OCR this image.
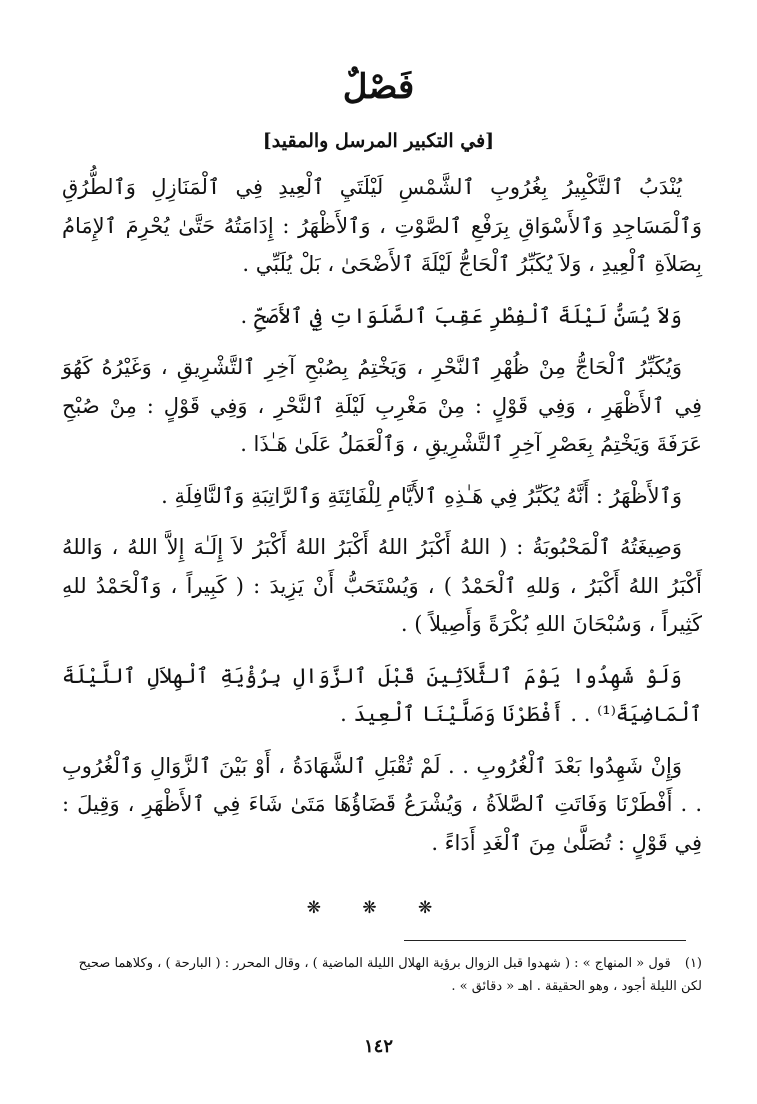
فَصْلٌ
[في التكبير المرسل والمقيد]

يُنْدَبُ ٱلتَّكْبِيرُ بِغُرُوبِ ٱلشَّمْسِ لَيْلَتَيِ ٱلْعِيدِ فِي ٱلْمَنَازِلِ وَٱلطُّرُقِ وَٱلْمَسَاجِدِ وَٱلأَسْوَاقِ بِرَفْعِ ٱلصَّوْتِ ، وَٱلأَظْهَرُ : إِدَامَتُهُ حَتَّىٰ يُحْرِمَ ٱلإِمَامُ بِصَلاَةِ ٱلْعِيدِ ، وَلاَ يُكَبِّرُ ٱلْحَاجُّ لَيْلَةَ ٱلأَضْحَىٰ ، بَلْ يُلَبِّي .

وَلاَ يُسَنُّ لَيْلَةَ ٱلْفِطْرِ عَقِبَ ٱلصَّلَوَاتِ فِي ٱلأَصَحِّ .

وَيُكَبِّرُ ٱلْحَاجُّ مِنْ ظُهْرِ ٱلنَّحْرِ ، وَيَخْتِمُ بِصُبْحِ آخِرِ ٱلتَّشْرِيقِ ، وَغَيْرُهُ كَهُوَ فِي ٱلأَظْهَرِ ، وَفِي قَوْلٍ : مِنْ مَغْرِبِ لَيْلَةِ ٱلنَّحْرِ ، وَفِي قَوْلٍ : مِنْ صُبْحِ عَرَفَةَ وَيَخْتِمُ بِعَصْرِ آخِرِ ٱلتَّشْرِيقِ ، وَٱلْعَمَلُ عَلَىٰ هَـٰذَا .

وَٱلأَظْهَرُ : أَنَّهُ يُكَبِّرُ فِي هَـٰذِهِ ٱلأَيَّامِ لِلْفَائِتَةِ وَٱلرَّاتِبَةِ وَٱلنَّافِلَةِ .

وَصِيغَتُهُ ٱلْمَحْبُوبَةُ : ( اللهُ أَكْبَرُ اللهُ أَكْبَرُ اللهُ أَكْبَرُ لاَ إِلَـٰهَ إِلاَّ اللهُ ، وَاللهُ أَكْبَرُ اللهُ أَكْبَرُ ، وَللهِ ٱلْحَمْدُ ) ، وَيُسْتَحَبُّ أَنْ يَزِيدَ : ( كَبِيراً ، وَٱلْحَمْدُ للهِ كَثِيراً ، وَسُبْحَانَ اللهِ بُكْرَةً وَأَصِيلاً ) .

وَلَوْ شَهِدُوا يَوْمَ ٱلثَّلاَثِينَ قَبْلَ ٱلزَّوَالِ بِرُؤْيَةِ ٱلْهِلاَلِ ٱللَّيْلَةَ ٱلْمَاضِيَةَ⁽¹⁾ . . أَفْطَرْنَا وَصَلَّيْنَا ٱلْعِيدَ .

وَإِنْ شَهِدُوا بَعْدَ ٱلْغُرُوبِ . . لَمْ تُقْبَلِ ٱلشَّهَادَةُ ، أَوْ بَيْنَ ٱلزَّوَالِ وَٱلْغُرُوبِ . . أَفْطَرْنَا وَفَاتَتِ ٱلصَّلاَةُ ، وَيُشْرَعُ قَضَاؤُهَا مَتَىٰ شَاءَ فِي ٱلأَظْهَرِ ، وَقِيلَ : فِي قَوْلٍ : تُصَلَّىٰ مِنَ ٱلْغَدِ أَدَاءً .

❋ ❋ ❋
(١) قول « المنهاج » : ( شهدوا قبل الزوال برؤية الهلال الليلة الماضية ) ، وقال المحرر : ( البارحة ) ، وكلاهما صحيح لكن الليلة أجود ، وهو الحقيقة . اهـ « دقائق » .
١٤٢
